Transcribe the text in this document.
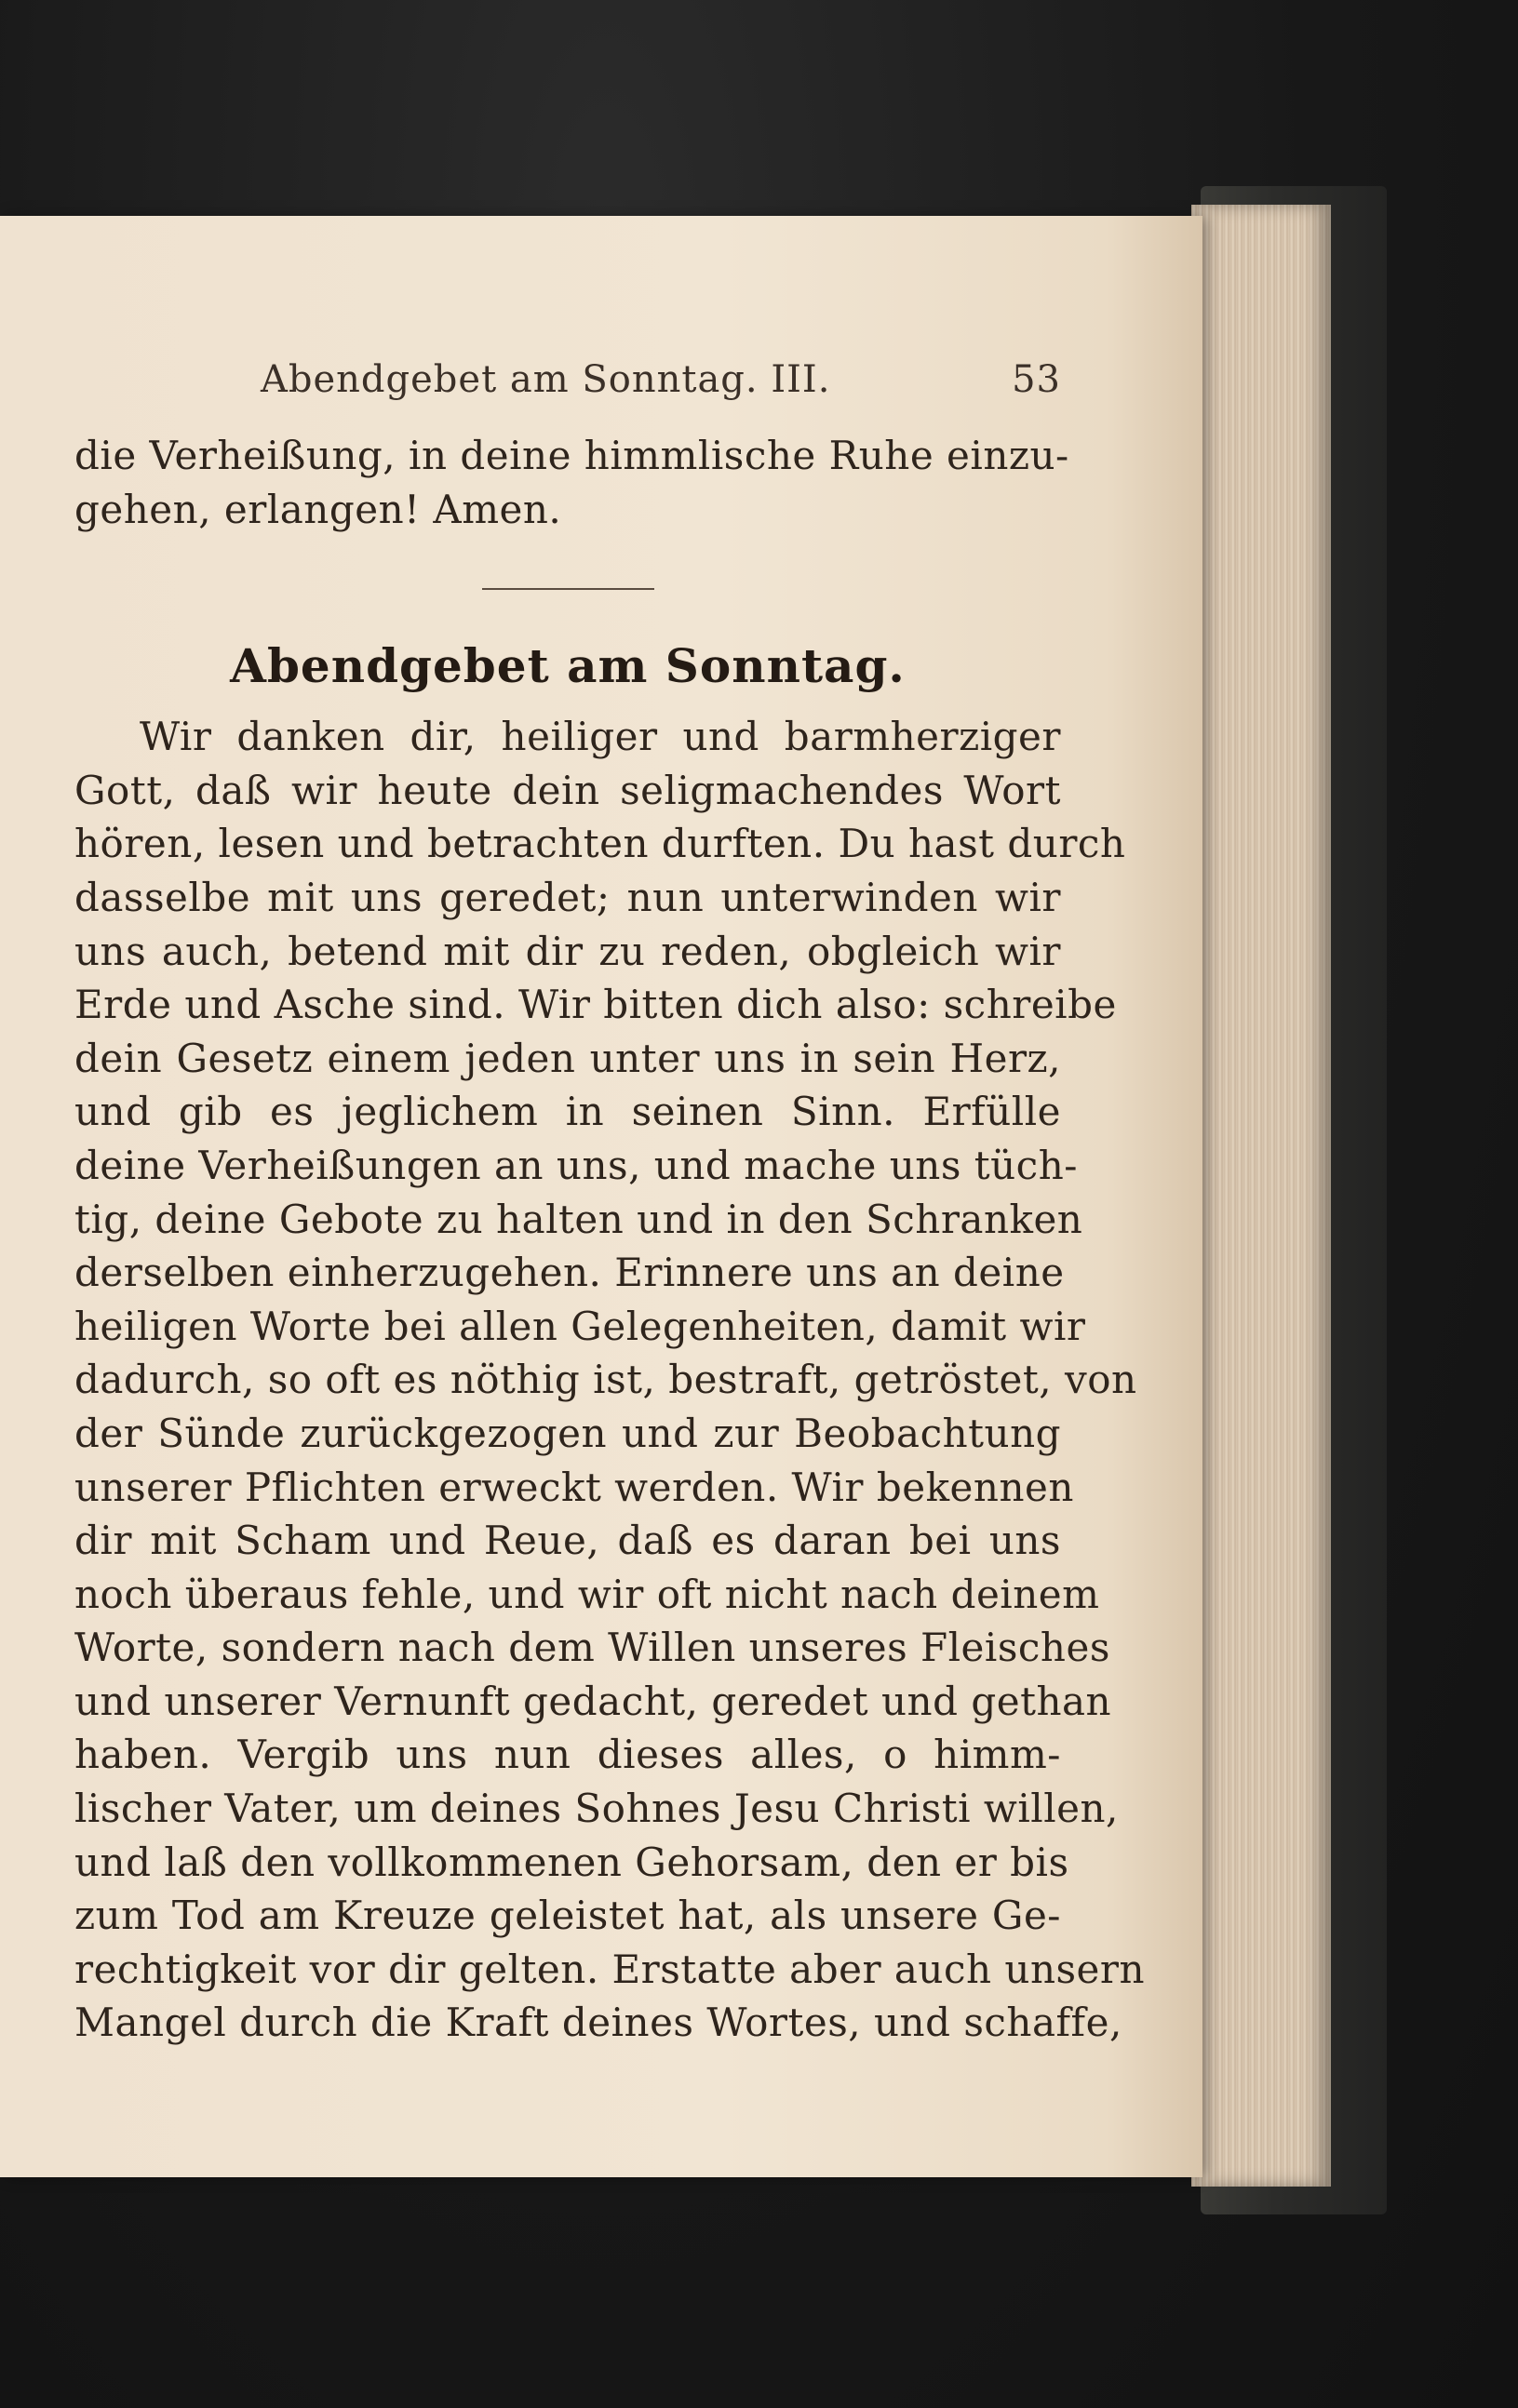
Abendgebet am Sonntag. III.	53
die Verheißung, in deine himmlische Ruhe einzu-
gehen, erlangen! Amen.
Abendgebet am Sonntag.
Wir danken dir, heiliger und barmherziger
Gott, daß wir heute dein seligmachendes Wort
hören, lesen und betrachten durften. Du hast durch
dasselbe mit uns geredet; nun unterwinden wir
uns auch, betend mit dir zu reden, obgleich wir
Erde und Asche sind. Wir bitten dich also: schreibe
dein Gesetz einem jeden unter uns in sein Herz,
und gib es jeglichem in seinen Sinn. Erfülle
deine Verheißungen an uns, und mache uns tüch-
tig, deine Gebote zu halten und in den Schranken
derselben einherzugehen. Erinnere uns an deine
heiligen Worte bei allen Gelegenheiten, damit wir
dadurch, so oft es nöthig ist, bestraft, getröstet, von
der Sünde zurückgezogen und zur Beobachtung
unserer Pflichten erweckt werden. Wir bekennen
dir mit Scham und Reue, daß es daran bei uns
noch überaus fehle, und wir oft nicht nach deinem
Worte, sondern nach dem Willen unseres Fleisches
und unserer Vernunft gedacht, geredet und gethan
haben. Vergib uns nun dieses alles, o himm-
lischer Vater, um deines Sohnes Jesu Christi willen,
und laß den vollkommenen Gehorsam, den er bis
zum Tod am Kreuze geleistet hat, als unsere Ge-
rechtigkeit vor dir gelten. Erstatte aber auch unsern
Mangel durch die Kraft deines Wortes, und schaffe,
